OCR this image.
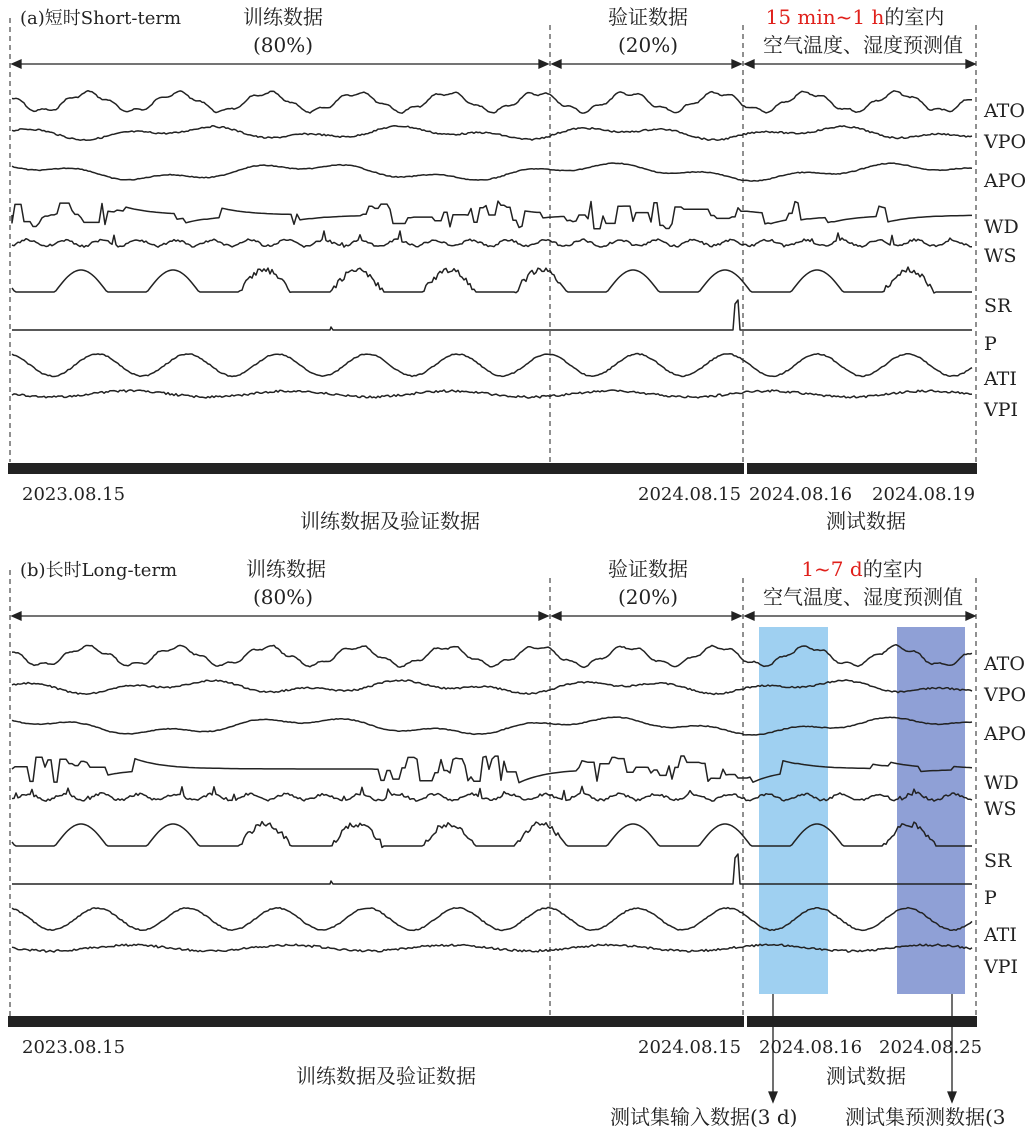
(a)短时Short-term	训练数据
(80%)
验证数据
(20%)
15 min~1 h的室内
空气温度、湿度预测值
ATO
VPO
APO
WD
WS
SR
P
ATI
VPI
2023.08.15	2024.08.15 2024.08.16 2024.08.19
训练数据及验证数据	测试数据
(b)长时Long-term	训练数据
(80%)
验证数据
(20%)
1~7 d的室内
空气温度、湿度预测值
ATO
VPO
APO
WD
WS
SR
P
ATI
VPI
2023.08.15	2024.08.15 2024.08.16 2024.08.25
训练数据及验证数据	测试数据
测试集输入数据(3 d) 测试集预测数据(3
